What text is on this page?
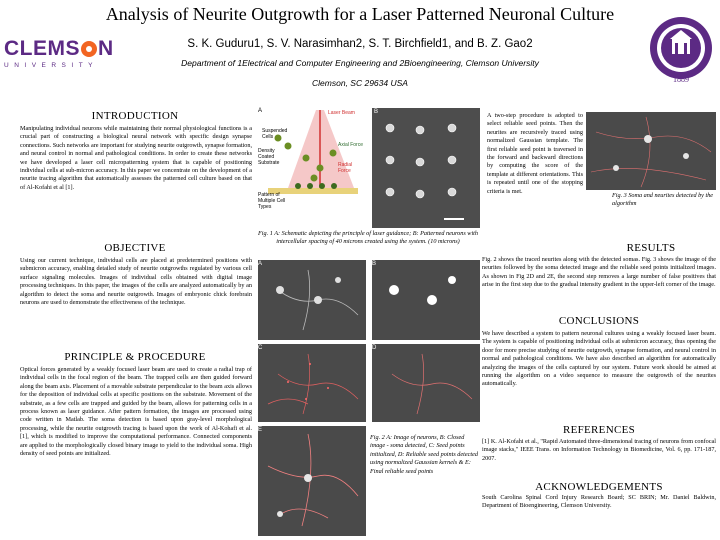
Analysis of Neurite Outgrowth for a Laser Patterned Neuronal Culture
S. K. Guduru1, S. V. Narasimhan2, S. T. Birchfield1, and B. Z. Gao2
Department of 1Electrical and Computer Engineering and 2Bioengineering, Clemson University
Clemson, SC 29634 USA
CLEMS N
UNIVERSITY
1889
INTRODUCTION
Manipulating individual neurons while maintaining their normal physiological functions is a crucial part of constructing a biological neural network with specific design synapse connections. Such networks are important for studying neurite outgrowth, synapse formation, and neural control in normal and pathological conditions. In order to create these networks we have developed a laser cell micropatterning system that is capable of positioning individual cells at sub-micron accuracy. In this paper we concentrate on the development of a neurite tracing algorithm that automatically assesses the patterned cell culture based on that of Al-Kofahi et al [1].
OBJECTIVE
Using our current technique, individual cells are placed at predetermined positions with submicron accuracy, enabling detailed study of neurite outgrowths regulated by various cell surface signaling molecules. Images of individual cells obtained with digital image processing techniques. In this paper, the images of the cells are analyzed automatically by an algorithm to detect the soma and neurite outgrowth. Images of embryonic chick forebrain neurons are used to demonstrate the effectiveness of the technique.
PRINCIPLE & PROCEDURE
Optical forces generated by a weakly focused laser beam are used to create a radial trap of individual cells in the focal region of the beam. The trapped cells are then guided forward along the beam axis. Placement of a movable substrate perpendicular to the beam axis allows for the deposition of individual cells at specific positions on the substrate. Movement of the substrate, as a few cells are trapped and guided by the beam, allows for patterning cells in a process known as laser guidance. After pattern formation, the images are processed using code written in Matlab. The soma detection is based upon gray-level morphological processing, while the neurite outgrowth tracing is based upon the work of Al-Kohafi et al. [1], which is modified to improve the computational performance. Connected components are applied to the morphologically closed binary image to yield to the individual soma. High density of seed points are initialized.
A	Laser Beam
Suspended Cells
Axial Force
Density Coated Substrate	Radial Force
Pattern of Multiple Cell Types
B
Fig. 1 A: Schematic depicting the principle of laser guidance; B: Patterned neurons with intercellular spacing of 40 microns created using the system. (10 microns)
A	B
C	D
E
Fig. 2 A: Image of neurons, B: Closed image - soma detected, C: Seed points initialized, D: Reliable seed points detected using normalized Gaussian kernels & E: Final reliable seed points
A two-step procedure is adopted to select reliable seed points. Then the neurites are recursively traced using normalized Gaussian template. The first reliable seed point is traversed in the forward and backward directions by computing the score of the template at different orientations. This is repeated until one of the stopping criteria is met.
Fig. 3 Soma and neurites detected by the algorithm
RESULTS
Fig. 2 shows the traced neurites along with the detected somas. Fig. 3 shows the image of the neurites followed by the soma detected image and the reliable seed points initialized images. As shown in Fig 2D and 2E, the second step removes a large number of false positives that arise in the first step due to the gradual intensity gradient in the upper-left corner of the image.
CONCLUSIONS
We have described a system to pattern neuronal cultures using a weakly focused laser beam. The system is capable of positioning individual cells at submicron accuracy, thus opening the door for more precise studying of neurite outgrowth, synapse formation, and neural control in normal and pathological conditions. We have also described an algorithm for automatically analyzing the images of the cells captured by our system. Future work should be aimed at running the algorithm on a video sequence to measure the outgrowth of the neurites automatically.
REFERENCES
[1] K. Al-Kofahi et al., "Rapid Automated three-dimensional tracing of neurons from confocal image stacks," IEEE Trans. on Information Technology in Biomedicine, Vol. 6, pp. 171-187, 2007.
ACKNOWLEDGEMENTS
South Carolina Spinal Cord Injury Research Board; SC BRIN; Mr. Daniel Baldwin, Department of Bioengineering, Clemson University.
